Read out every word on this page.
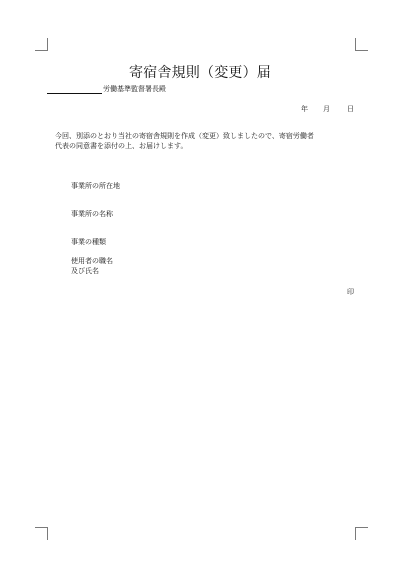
寄宿舎規則（変更）届
労働基準監督署長殿
年 月 日
今回、別添のとおり当社の寄宿舎規則を作成（変更）致しましたので、寄宿労働者
代表の同意書を添付の上、お届けします。
事業所の所在地
事業所の名称
事業の種類
使用者の職名
及び氏名
印
